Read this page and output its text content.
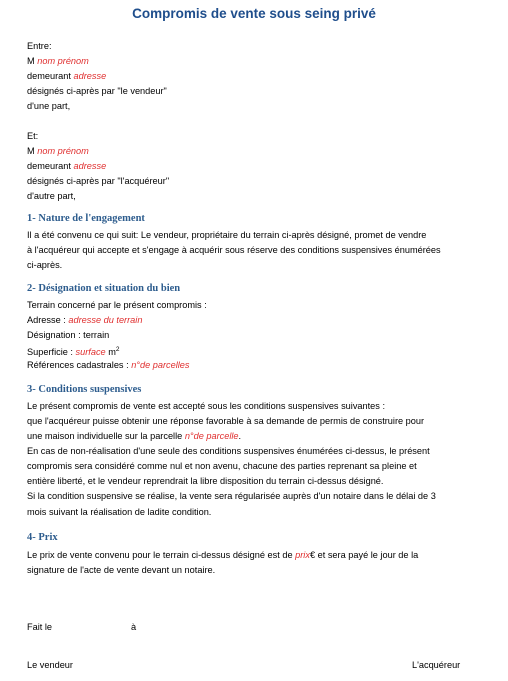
Compromis de vente sous seing privé
Entre:
M nom prénom
demeurant adresse
désignés ci-après par "le vendeur"
d'une part,
Et:
M nom prénom
demeurant adresse
désignés ci-après par "l'acquéreur"
d'autre part,
1- Nature de l'engagement
Il a été convenu ce qui suit: Le vendeur, propriétaire du terrain ci-après désigné, promet de vendre
à l'acquéreur qui accepte et s'engage à acquérir sous réserve des conditions suspensives énumérées
ci-après.
2- Désignation et situation du bien
Terrain concerné par le présent compromis :
Adresse : adresse du terrain
Désignation : terrain
Superficie : surface $m^2$
Références cadastrales : n°de parcelles
3- Conditions suspensives
Le présent compromis de vente est accepté sous les conditions suspensives suivantes :
que l'acquéreur puisse obtenir une réponse favorable à sa demande de permis de construire pour
une maison individuelle sur la parcelle n°de parcelle.
En cas de non-réalisation d'une seule des conditions suspensives énumérées ci-dessus, le présent
compromis sera considéré comme nul et non avenu, chacune des parties reprenant sa pleine et
entière liberté, et le vendeur reprendrait la libre disposition du terrain ci-dessus désigné.
Si la condition suspensive se réalise, la vente sera régularisée auprès d'un notaire dans le délai de 3
mois suivant la réalisation de ladite condition.
4- Prix
Le prix de vente convenu pour le terrain ci-dessus désigné est de prix€ et sera payé le jour de la
signature de l'acte de vente devant un notaire.
Fait le	à
Le vendeur	L'acquéreur
